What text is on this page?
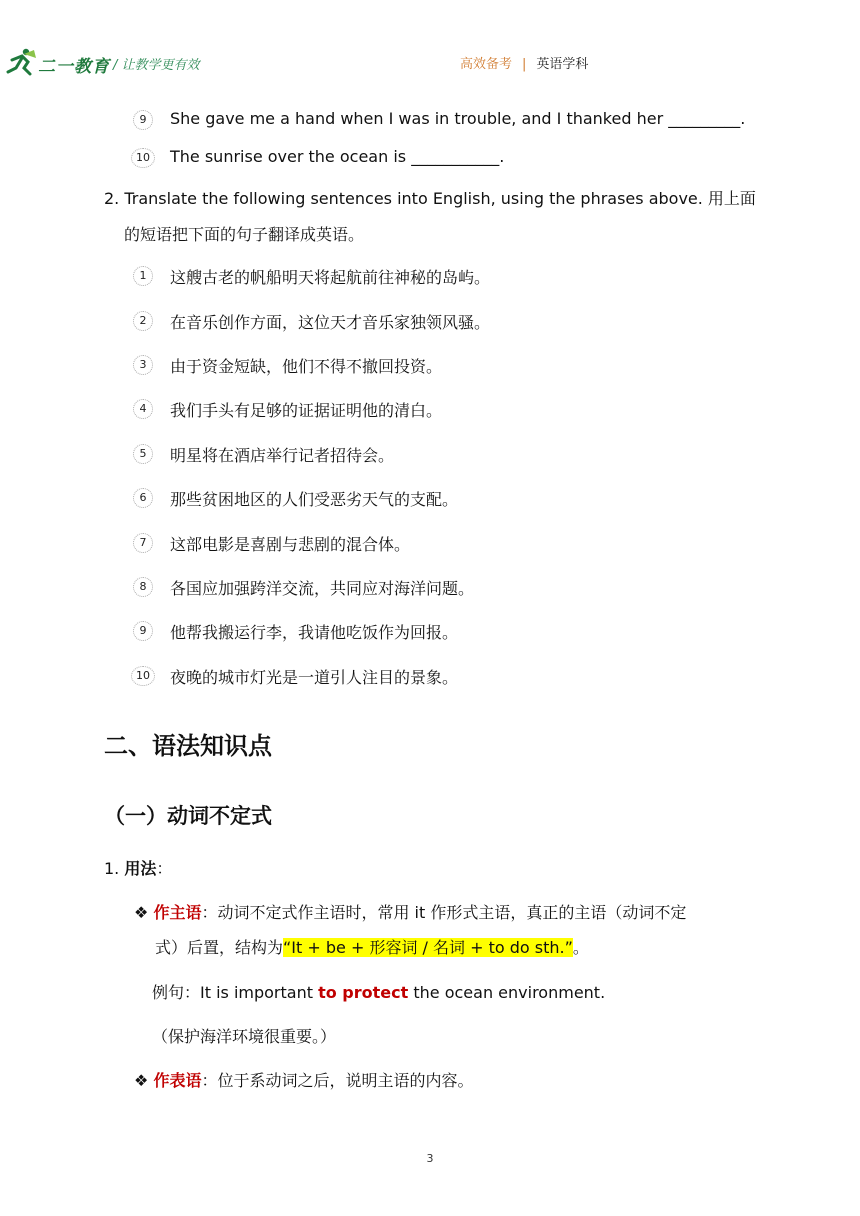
二一教育 / 让教学更有效	高效备考 | 英语学科
9	She gave me a hand when I was in trouble, and I thanked her _________.
10	The sunrise over the ocean is ___________.
2. Translate the following sentences into English, using the phrases above. 用上面
的短语把下面的句子翻译成英语。
1	这艘古老的帆船明天将起航前往神秘的岛屿。
2	在音乐创作方面，这位天才音乐家独领风骚。
3	由于资金短缺，他们不得不撤回投资。
4	我们手头有足够的证据证明他的清白。
5	明星将在酒店举行记者招待会。
6	那些贫困地区的人们受恶劣天气的支配。
7	这部电影是喜剧与悲剧的混合体。
8	各国应加强跨洋交流，共同应对海洋问题。
9	他帮我搬运行李，我请他吃饭作为回报。
10	夜晚的城市灯光是一道引人注目的景象。
二、语法知识点
（一）动词不定式
1. 用法：
❖ 作主语：动词不定式作主语时，常用 it 作形式主语，真正的主语（动词不定
式）后置，结构为“It + be + 形容词 / 名词 + to do sth.”。
例句：It is important to protect the ocean environment.
（保护海洋环境很重要。）
❖ 作表语：位于系动词之后，说明主语的内容。
3
